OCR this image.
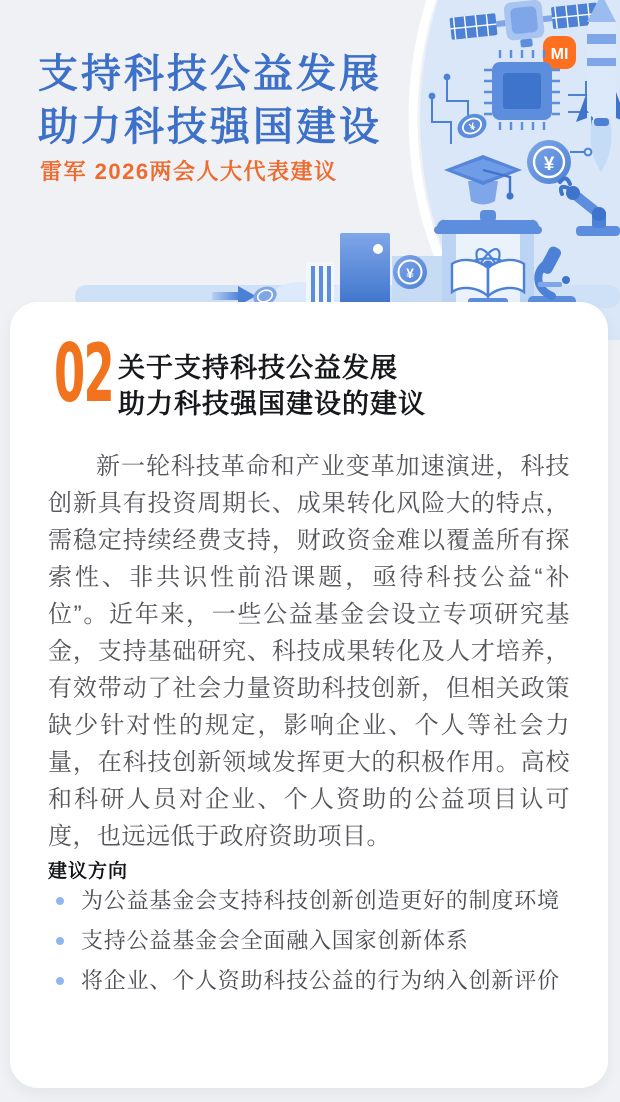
¥
MI
¥
¥
支持科技公益发展
助力科技强国建设
雷军 2026两会人大代表建议
02 关于支持科技公益发展
助力科技强国建设的建议
新一轮科技革命和产业变革加速演进，科技创新具有投资周期长、成果转化风险大的特点，需稳定持续经费支持，财政资金难以覆盖所有探索性、非共识性前沿课题，亟待科技公益“补位”。近年来，一些公益基金会设立专项研究基金，支持基础研究、科技成果转化及人才培养，有效带动了社会力量资助科技创新，但相关政策缺少针对性的规定，影响企业、个人等社会力量，在科技创新领域发挥更大的积极作用。高校和科研人员对企业、个人资助的公益项目认可度，也远远低于政府资助项目。
建议方向
为公益基金会支持科技创新创造更好的制度环境
支持公益基金会全面融入国家创新体系
将企业、个人资助科技公益的行为纳入创新评价
